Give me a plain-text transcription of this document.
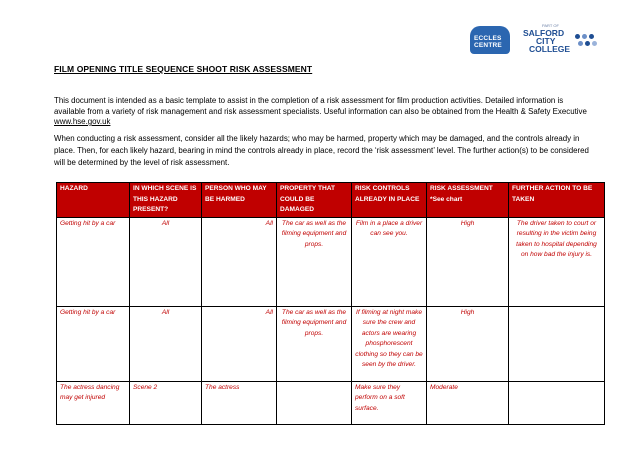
ECCLES
CENTRE
PART OF
SALFORD
CITY
COLLEGE
FILM OPENING TITLE SEQUENCE SHOOT RISK ASSESSMENT
This document is intended as a basic template to assist in the completion of a risk assessment for film production activities. Detailed information is available from a variety of risk management and risk assessment specialists. Useful information can also be obtained from the Health & Safety Executive www.hse.gov.uk
When conducting a risk assessment, consider all the likely hazards; who may be harmed, property which may be damaged, and the controls already in place. Then, for each likely hazard, bearing in mind the controls already in place, record the ‘risk assessment’ level. The further action(s) to be considered will be determined by the level of risk assessment.
HAZARD	IN WHICH SCENE IS THIS HAZARD PRESENT?	PERSON WHO MAY BE HARMED	PROPERTY THAT COULD BE DAMAGED	RISK CONTROLS ALREADY IN PLACE	RISK ASSESSMENT *See chart	FURTHER ACTION TO BE TAKEN
Getting hit by a car	All	All	The car as well as the filming equipment and props.	Film in a place a driver can see you.	High	The driver taken to court or resulting in the victim being taken to hospital depending on how bad the injury is.
Getting hit by a car	All	All	The car as well as the filming equipment and props.	If filming at night make sure the crew and actors are wearing phosphorescent clothing so they can be seen by the driver.	High	
The actress dancing may get injured	Scene 2	The actress		Make sure they perform on a soft surface.	Moderate	
